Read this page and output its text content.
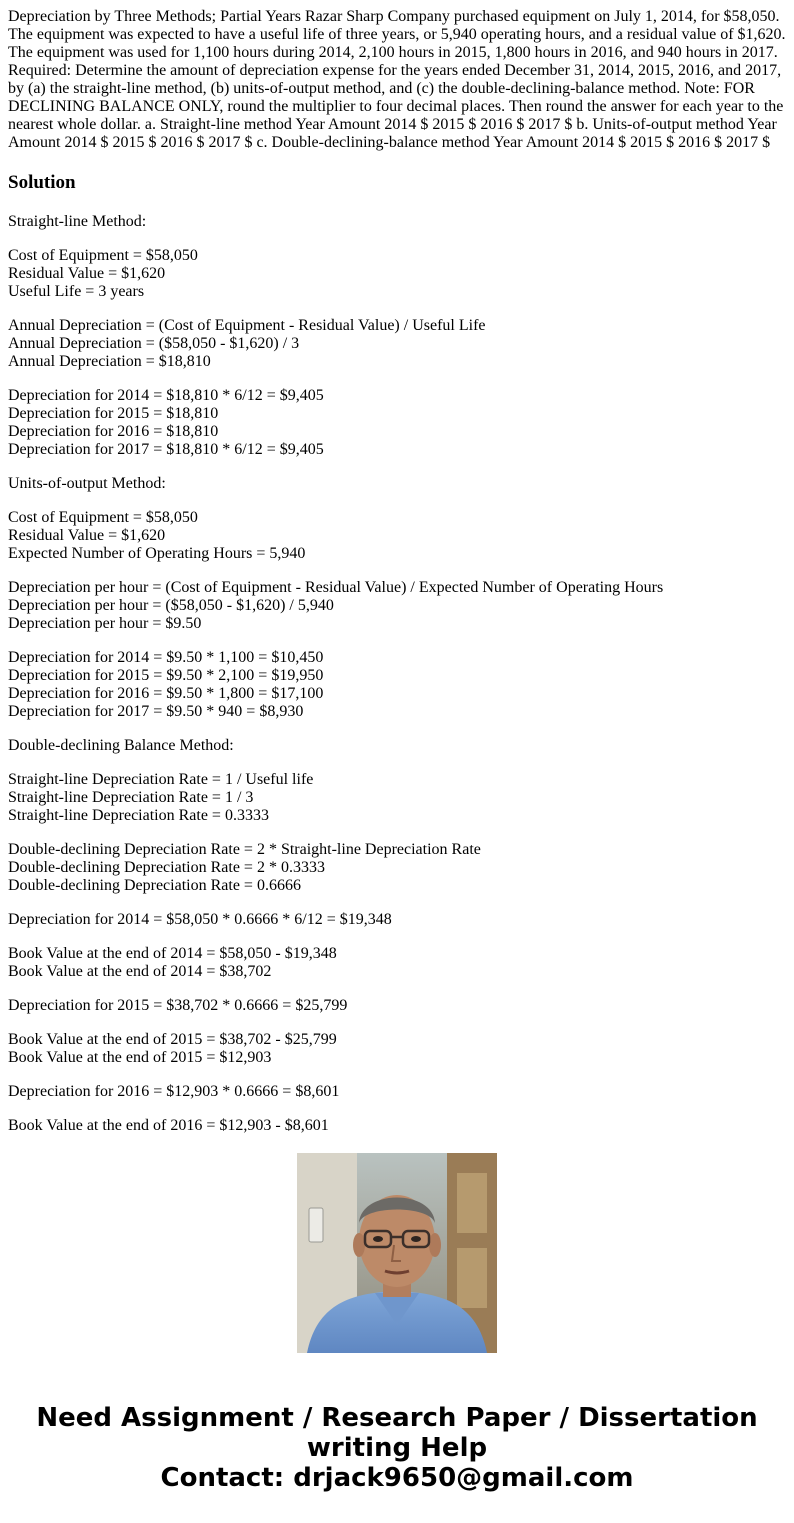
Depreciation by Three Methods; Partial Years Razar Sharp Company purchased equipment on July 1, 2014, for $58,050. The equipment was expected to have a useful life of three years, or 5,940 operating hours, and a residual value of $1,620. The equipment was used for 1,100 hours during 2014, 2,100 hours in 2015, 1,800 hours in 2016, and 940 hours in 2017. Required: Determine the amount of depreciation expense for the years ended December 31, 2014, 2015, 2016, and 2017, by (a) the straight-line method, (b) units-of-output method, and (c) the double-declining-balance method. Note: FOR DECLINING BALANCE ONLY, round the multiplier to four decimal places. Then round the answer for each year to the nearest whole dollar. a. Straight-line method Year Amount 2014 $ 2015 $ 2016 $ 2017 $ b. Units-of-output method Year Amount 2014 $ 2015 $ 2016 $ 2017 $ c. Double-declining-balance method Year Amount 2014 $ 2015 $ 2016 $ 2017 $

Solution
Straight-line Method:
Cost of Equipment = $58,050
Residual Value = $1,620
Useful Life = 3 years
Annual Depreciation = (Cost of Equipment - Residual Value) / Useful Life
Annual Depreciation = ($58,050 - $1,620) / 3
Annual Depreciation = $18,810
Depreciation for 2014 = $18,810 * 6/12 = $9,405
Depreciation for 2015 = $18,810
Depreciation for 2016 = $18,810
Depreciation for 2017 = $18,810 * 6/12 = $9,405
Units-of-output Method:
Cost of Equipment = $58,050
Residual Value = $1,620
Expected Number of Operating Hours = 5,940
Depreciation per hour = (Cost of Equipment - Residual Value) / Expected Number of Operating Hours
Depreciation per hour = ($58,050 - $1,620) / 5,940
Depreciation per hour = $9.50
Depreciation for 2014 = $9.50 * 1,100 = $10,450
Depreciation for 2015 = $9.50 * 2,100 = $19,950
Depreciation for 2016 = $9.50 * 1,800 = $17,100
Depreciation for 2017 = $9.50 * 940 = $8,930
Double-declining Balance Method:
Straight-line Depreciation Rate = 1 / Useful life
Straight-line Depreciation Rate = 1 / 3
Straight-line Depreciation Rate = 0.3333
Double-declining Depreciation Rate = 2 * Straight-line Depreciation Rate
Double-declining Depreciation Rate = 2 * 0.3333
Double-declining Depreciation Rate = 0.6666
Depreciation for 2014 = $58,050 * 0.6666 * 6/12 = $19,348
Book Value at the end of 2014 = $58,050 - $19,348
Book Value at the end of 2014 = $38,702
Depreciation for 2015 = $38,702 * 0.6666 = $25,799
Book Value at the end of 2015 = $38,702 - $25,799
Book Value at the end of 2015 = $12,903
Depreciation for 2016 = $12,903 * 0.6666 = $8,601
Book Value at the end of 2016 = $12,903 - $8,601
Need Assignment / Research Paper / Dissertation
writing Help
Contact: drjack9650@gmail.com
